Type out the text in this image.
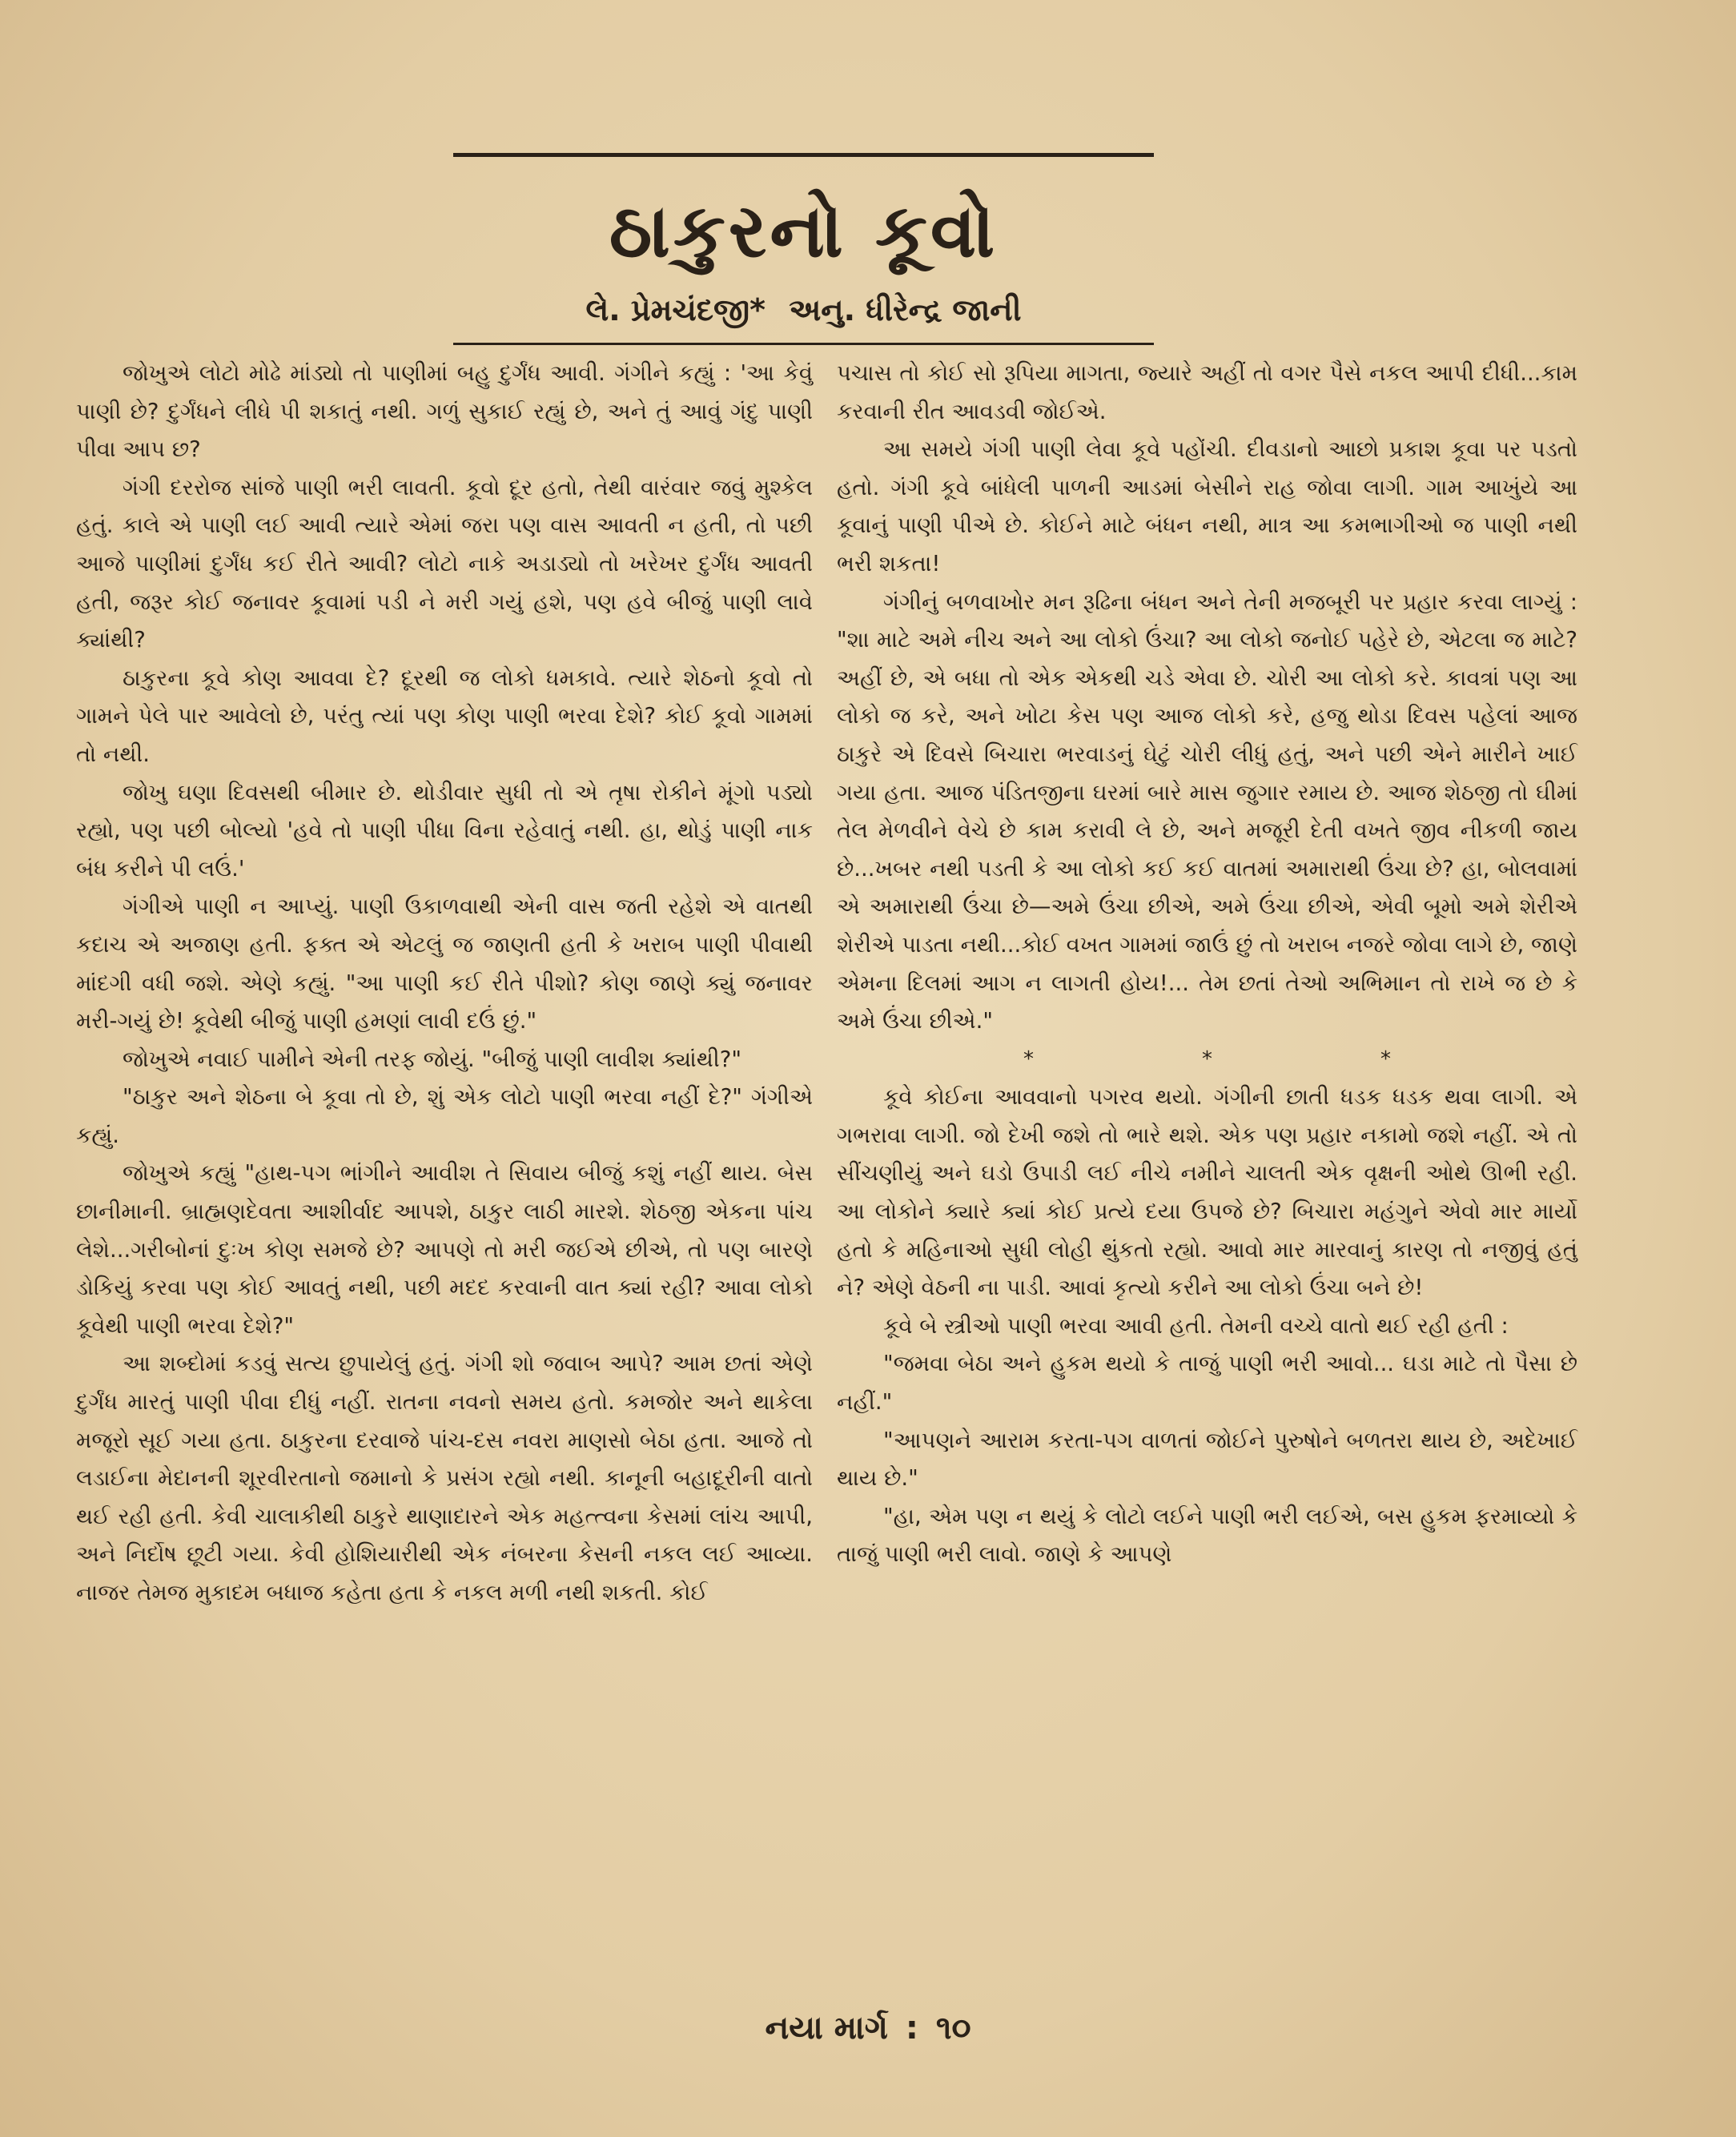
ઠાકુરનો કૂવો
લે. પ્રેમચંદજી* અનુ. ધીરેન્દ્ર જાની

જોખુએ લોટો મોઢે માંડ્યો તો પાણીમાં બહુ દુર્ગંધ આવી. ગંગીને કહ્યું : 'આ કેવું પાણી છે? દુર્ગંધને લીધે પી શકાતું નથી. ગળું સુકાઈ રહ્યું છે, અને તું આવું ગંદુ પાણી પીવા આપ છ?

ગંગી દરરોજ સાંજે પાણી ભરી લાવતી. કૂવો દૂર હતો, તેથી વારંવાર જવું મુશ્કેલ હતું. કાલે એ પાણી લઈ આવી ત્યારે એમાં જરા પણ વાસ આવતી ન હતી, તો પછી આજે પાણીમાં દુર્ગંધ કઈ રીતે આવી? લોટો નાકે અડાડ્યો તો ખરેખર દુર્ગંધ આવતી હતી, જરૂર કોઈ જનાવર કૂવામાં પડી ને મરી ગયું હશે, પણ હવે બીજું પાણી લાવે ક્યાંથી?

ઠાકુરના કૂવે કોણ આવવા દે? દૂરથી જ લોકો ધમકાવે. ત્યારે શેઠનો કૂવો તો ગામને પેલે પાર આવેલો છે, પરંતુ ત્યાં પણ કોણ પાણી ભરવા દેશે? કોઈ કૂવો ગામમાં તો નથી.

જોખુ ઘણા દિવસથી બીમાર છે. થોડીવાર સુધી તો એ તૃષા રોકીને મૂંગો પડ્યો રહ્યો, પણ પછી બોલ્યો 'હવે તો પાણી પીધા વિના રહેવાતું નથી. હા, થોડું પાણી નાક બંધ કરીને પી લઉં.'

ગંગીએ પાણી ન આપ્યું. પાણી ઉકાળવાથી એની વાસ જતી રહેશે એ વાતથી કદાચ એ અજાણ હતી. ફક્ત એ એટલું જ જાણતી હતી કે ખરાબ પાણી પીવાથી માંદગી વધી જશે. એણે કહ્યું. "આ પાણી કઈ રીતે પીશો? કોણ જાણે ક્યું જનાવર મરી-ગયું છે! કૂવેથી બીજું પાણી હમણાં લાવી દઉં છું."

જોખુએ નવાઈ પામીને એની તરફ જોયું. "બીજું પાણી લાવીશ ક્યાંથી?"

"ઠાકુર અને શેઠના બે કૂવા તો છે, શું એક લોટો પાણી ભરવા નહીં દે?" ગંગીએ કહ્યું.

જોખુએ કહ્યું "હાથ-પગ ભાંગીને આવીશ તે સિવાય બીજું કશું નહીં થાય. બેસ છાનીમાની. બ્રાહ્મણદેવતા આશીર્વાદ આપશે, ઠાકુર લાઠી મારશે. શેઠજી એકના પાંચ લેશે...ગરીબોનાં દુઃખ કોણ સમજે છે? આપણે તો મરી જઈએ છીએ, તો પણ બારણે ડોકિયું કરવા પણ કોઈ આવતું નથી, પછી મદદ કરવાની વાત ક્યાં રહી? આવા લોકો કૂવેથી પાણી ભરવા દેશે?"

આ શબ્દોમાં કડવું સત્ય છુપાયેલું હતું. ગંગી શો જવાબ આપે? આમ છતાં એણે દુર્ગંધ મારતું પાણી પીવા દીધું નહીં. રાતના નવનો સમય હતો. કમજોર અને થાકેલા મજૂરો સૂઈ ગયા હતા. ઠાકુરના દરવાજે પાંચ-દસ નવરા માણસો બેઠા હતા. આજે તો લડાઈના મેદાનની શૂરવીરતાનો જમાનો કે પ્રસંગ રહ્યો નથી. કાનૂની બહાદૂરીની વાતો થઈ રહી હતી. કેવી ચાલાકીથી ઠાકુરે થાણાદારને એક મહત્ત્વના કેસમાં લાંચ આપી, અને નિર્દોષ છૂટી ગયા. કેવી હોશિયારીથી એક નંબરના કેસની નકલ લઈ આવ્યા. નાજર તેમજ મુકાદમ બધાજ કહેતા હતા કે નકલ મળી નથી શકતી. કોઈ

પચાસ તો કોઈ સો રૂપિયા માગતા, જ્યારે અહીં તો વગર પૈસે નકલ આપી દીધી...કામ કરવાની રીત આવડવી જોઈએ.

આ સમયે ગંગી પાણી લેવા કૂવે પહોંચી. દીવડાનો આછો પ્રકાશ કૂવા પર પડતો હતો. ગંગી કૂવે બાંધેલી પાળની આડમાં બેસીને રાહ જોવા લાગી. ગામ આખુંયે આ કૂવાનું પાણી પીએ છે. કોઈને માટે બંધન નથી, માત્ર આ કમભાગીઓ જ પાણી નથી ભરી શકતા!

ગંગીનું બળવાખોર મન રૂઢિના બંધન અને તેની મજબૂરી પર પ્રહાર કરવા લાગ્યું : "શા માટે અમે નીચ અને આ લોકો ઉંચા? આ લોકો જનોઈ પહેરે છે, એટલા જ માટે? અહીં છે, એ બધા તો એક એકથી ચડે એવા છે. ચોરી આ લોકો કરે. કાવત્રાં પણ આ લોકો જ કરે, અને ખોટા કેસ પણ આજ લોકો કરે, હજુ થોડા દિવસ પહેલાં આજ ઠાકુરે એ દિવસે બિચારા ભરવાડનું ઘેટું ચોરી લીધું હતું, અને પછી એને મારીને ખાઈ ગયા હતા. આજ પંડિતજીના ઘરમાં બારે માસ જુગાર રમાય છે. આજ શેઠજી તો ઘીમાં તેલ મેળવીને વેચે છે કામ કરાવી લે છે, અને મજૂરી દેતી વખતે જીવ નીકળી જાય છે...ખબર નથી પડતી કે આ લોકો કઈ કઈ વાતમાં અમારાથી ઉંચા છે? હા, બોલવામાં એ અમારાથી ઉંચા છે—અમે ઉંચા છીએ, અમે ઉંચા છીએ, એવી બૂમો અમે શેરીએ શેરીએ પાડતા નથી...કોઈ વખત ગામમાં જાઉં છું તો ખરાબ નજરે જોવા લાગે છે, જાણે એમના દિલમાં આગ ન લાગતી હોય!... તેમ છતાં તેઓ અભિમાન તો રાખે જ છે કે અમે ઉંચા છીએ."

***

કૂવે કોઈના આવવાનો પગરવ થયો. ગંગીની છાતી ધડક ધડક થવા લાગી. એ ગભરાવા લાગી. જો દેખી જશે તો ભારે થશે. એક પણ પ્રહાર નકામો જશે નહીં. એ તો સીંચણીયું અને ઘડો ઉપાડી લઈ નીચે નમીને ચાલતી એક વૃક્ષની ઓથે ઊભી રહી. આ લોકોને ક્યારે ક્યાં કોઈ પ્રત્યે દયા ઉપજે છે? બિચારા મહંગુને એવો માર માર્યો હતો કે મહિનાઓ સુધી લોહી થુંકતો રહ્યો. આવો માર મારવાનું કારણ તો નજીવું હતું ને? એણે વેઠની ના પાડી. આવાં કૃત્યો કરીને આ લોકો ઉંચા બને છે!

કૂવે બે સ્ત્રીઓ પાણી ભરવા આવી હતી. તેમની વચ્ચે વાતો થઈ રહી હતી :

"જમવા બેઠા અને હુકમ થયો કે તાજું પાણી ભરી આવો... ઘડા માટે તો પૈસા છે નહીં."

"આપણને આરામ કરતા-પગ વાળતાં જોઈને પુરુષોને બળતરા થાય છે, અદેખાઈ થાય છે."

"હા, એમ પણ ન થયું કે લોટો લઈને પાણી ભરી લઈએ, બસ હુકમ ફરમાવ્યો કે તાજું પાણી ભરી લાવો. જાણે કે આપણે

નયા માર્ગ : ૧૦
